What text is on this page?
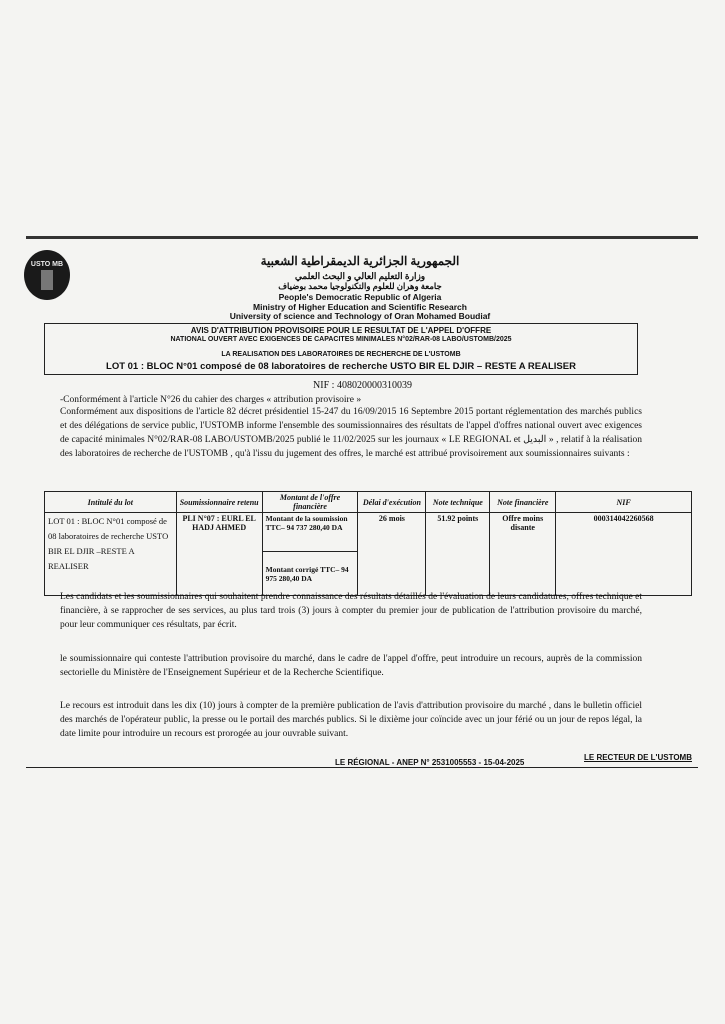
USTO MB	الجمهورية الجزائرية الديمقراطية الشعبية
وزارة التعليم العالي و البحث العلمي
جامعة وهران للعلوم والتكنولوجيا محمد بوضياف
People's Democratic Republic of Algeria
Ministry of Higher Education and Scientific Research
University of science and Technology of Oran Mohamed Boudiaf
AVIS D'ATTRIBUTION PROVISOIRE POUR LE RESULTAT DE L'APPEL D'OFFRE
NATIONAL OUVERT AVEC EXIGENCES DE CAPACITES MINIMALES N°02/RAR-08 LABO/USTOMB/2025
LA REALISATION DES LABORATOIRES DE RECHERCHE DE L'USTOMB
LOT 01 : BLOC N°01 composé de 08 laboratoires de recherche USTO BIR EL DJIR – RESTE A REALISER
NIF : 408020000310039
-Conformément à l'article N°26 du cahier des charges « attribution provisoire »
Conformément aux dispositions de l'article 82 décret présidentiel 15-247 du 16/09/2015 16 Septembre 2015 portant réglementation des marchés publics et des délégations de service public, l'USTOMB informe l'ensemble des soumissionnaires des résultats de l'appel d'offres national ouvert avec exigences de capacité minimales N°02/RAR-08 LABO/USTOMB/2025 publié le 11/02/2025 sur les journaux « LE REGIONAL et البديل » , relatif à la réalisation des laboratoires de recherche de l'USTOMB , qu'à l'issu du jugement des offres, le marché est attribué provisoirement aux soumissionnaires suivants :
Intitulé du lot	Soumissionnaire retenu	Montant de l'offre financière	Délai d'exécution	Note technique	Note financière	NIF
LOT 01 : BLOC N°01 composé de 08 laboratoires de recherche USTO BIR EL DJIR –RESTE A REALISER	PLI N°07 : EURL EL HADJ AHMED	Montant de la soumission TTC– 94 737 280,40 DA	26 mois	51.92 points	Offre moins disante	000314042260568
		Montant corrigé TTC– 94 975 280,40 DA				
Les candidats et les soumissionnaires qui souhaitent prendre connaissance des résultats détaillés de l'évaluation de leurs candidatures, offres technique et financière, à se rapprocher de ses services, au plus tard trois (3) jours à compter du premier jour de publication de l'attribution provisoire du marché, pour leur communiquer ces résultats, par écrit.
le soumissionnaire qui conteste l'attribution provisoire du marché, dans le cadre de l'appel d'offre, peut introduire un recours, auprès de la commission sectorielle du Ministère de l'Enseignement Supérieur et de la Recherche Scientifique.
Le recours est introduit dans les dix (10) jours à compter de la première publication de l'avis d'attribution provisoire du marché , dans le bulletin officiel des marchés de l'opérateur public, la presse ou le portail des marchés publics. Si le dixième jour coïncide avec un jour férié ou un jour de repos légal, la date limite pour introduire un recours est prorogée au jour ouvrable suivant.
LE RÉGIONAL - ANEP N° 2531005553 - 15-04-2025
LE RECTEUR DE L'USTOMB
